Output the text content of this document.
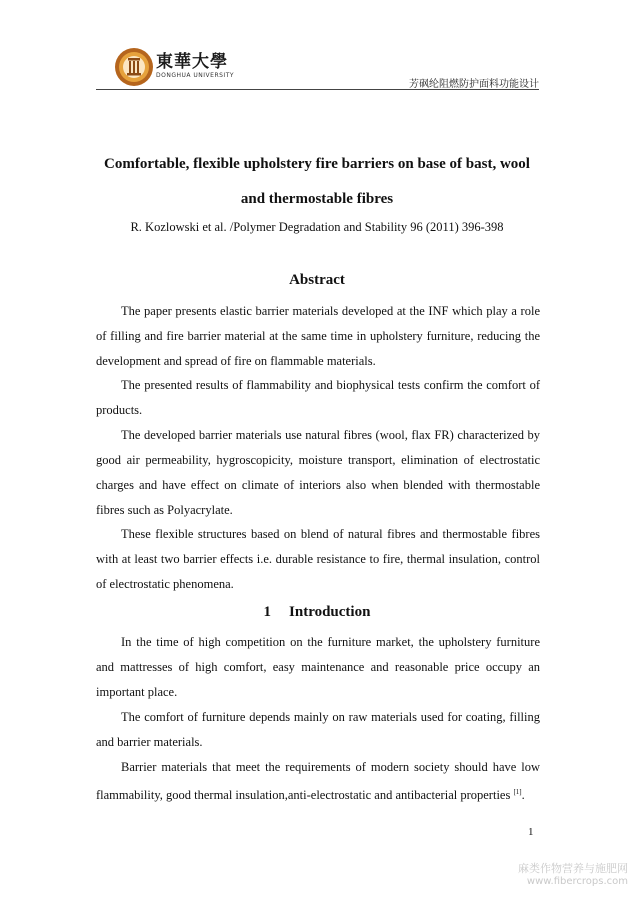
東華大學
DONGHUA UNIVERSITY
芳砜纶阻燃防护面料功能设计
Comfortable, flexible upholstery fire barriers on base of bast, wool
and thermostable fibres
R. Kozlowski et al. /Polymer Degradation and Stability 96 (2011) 396-398
Abstract

The paper presents elastic barrier materials developed at the INF which play a role of filling and fire barrier material at the same time in upholstery furniture, reducing the development and spread of fire on flammable materials.

The presented results of flammability and biophysical tests confirm the comfort of products.

The developed barrier materials use natural fibres (wool, flax FR) characterized by good air permeability, hygroscopicity, moisture transport, elimination of electrostatic charges and have effect on climate of interiors also when blended with thermostable fibres such as Polyacrylate.

These flexible structures based on blend of natural fibres and thermostable fibres with at least two barrier effects i.e. durable resistance to fire, thermal insulation, control of electrostatic phenomena.

1 Introduction

In the time of high competition on the furniture market, the upholstery furniture and mattresses of high comfort, easy maintenance and reasonable price occupy an important place.

The comfort of furniture depends mainly on raw materials used for coating, filling and barrier materials.

Barrier materials that meet the requirements of modern society should have low flammability, good thermal insulation,anti-electrostatic and antibacterial properties [1].

1
麻类作物营养与施肥网
www.fibercrops.com
